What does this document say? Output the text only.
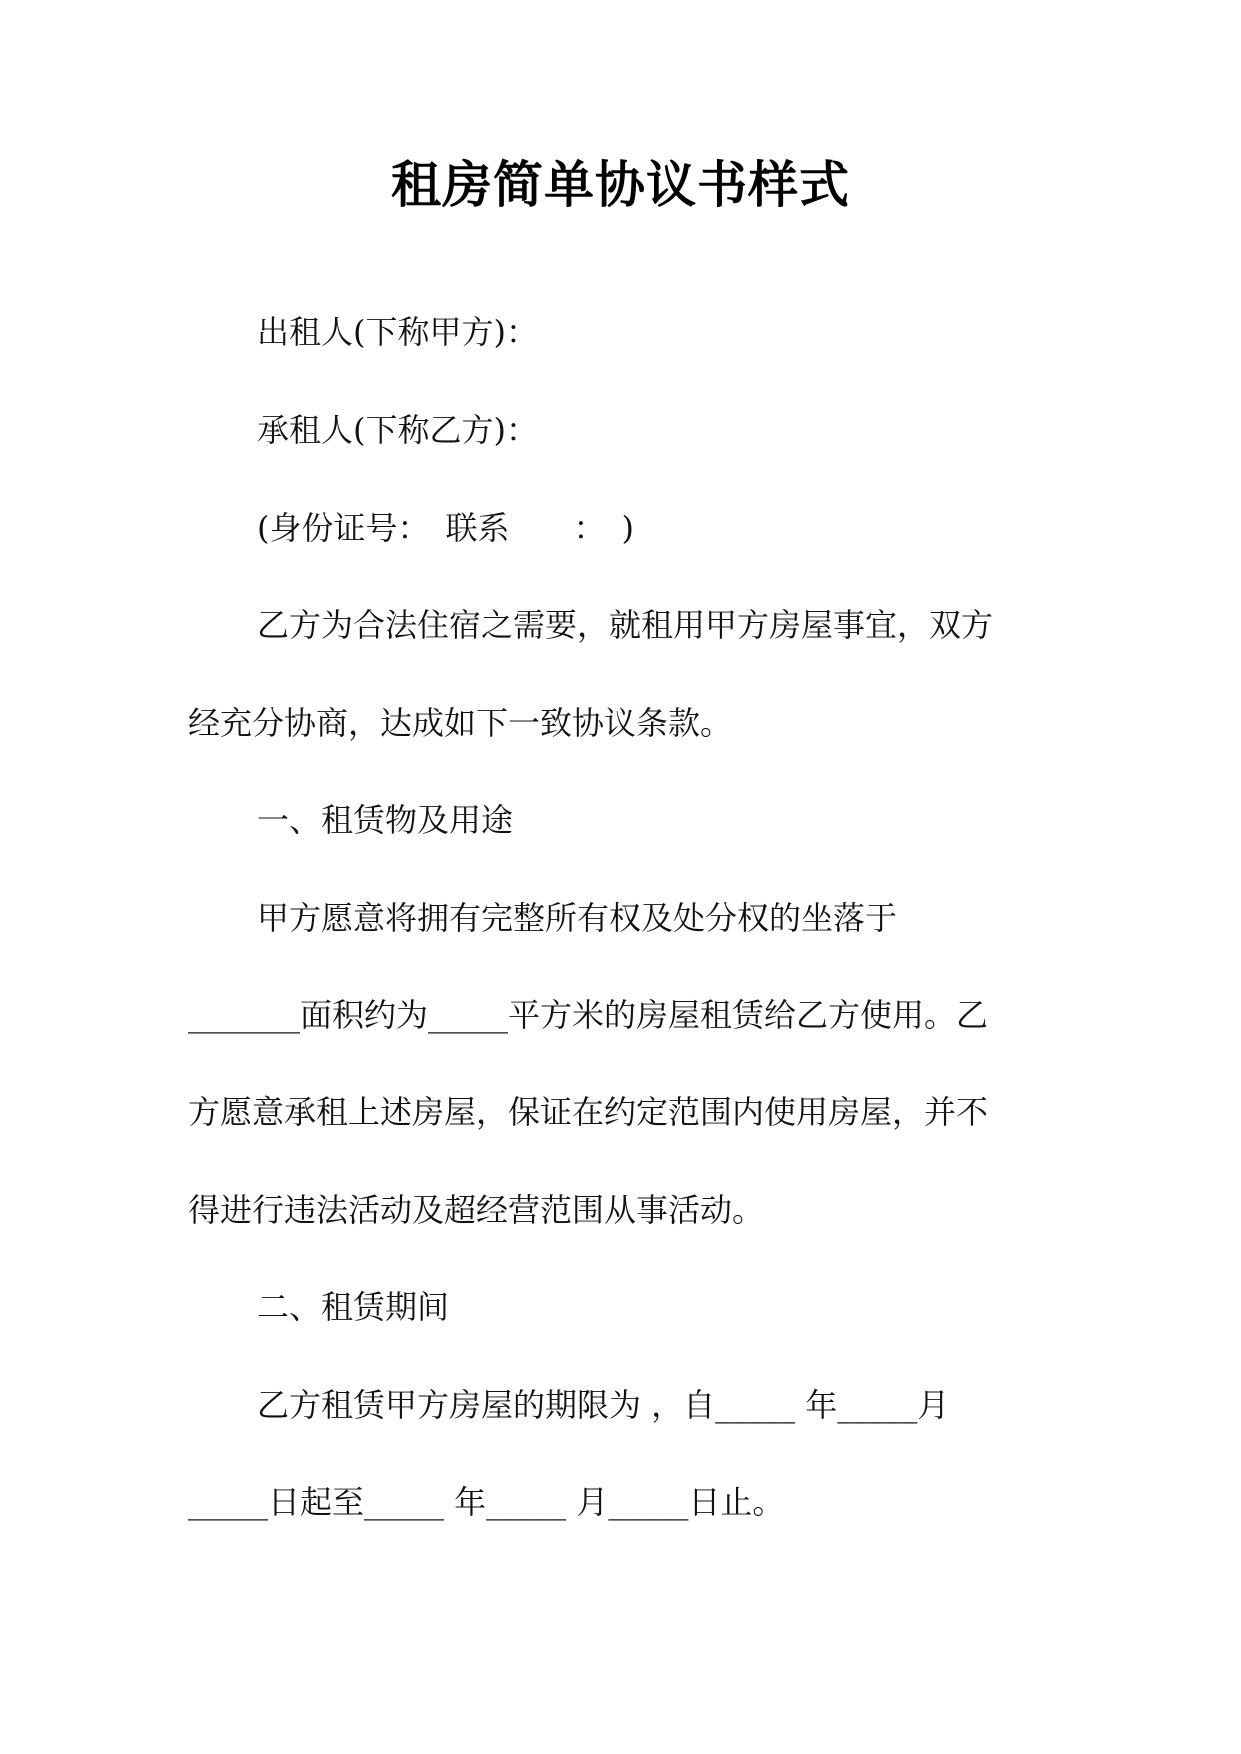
租房简单协议书样式
出租人(下称甲方)：
承租人(下称乙方)：
(身份证号：　联系　　：　)
乙方为合法住宿之需要，就租用甲方房屋事宜，双方
经充分协商，达成如下一致协议条款。
一、租赁物及用途
甲方愿意将拥有完整所有权及处分权的坐落于
_______面积约为_____平方米的房屋租赁给乙方使用。乙
方愿意承租上述房屋，保证在约定范围内使用房屋，并不
得进行违法活动及超经营范围从事活动。
二、租赁期间
乙方租赁甲方房屋的期限为 ，自_____ 年_____月
_____日起至_____ 年_____ 月_____日止。
